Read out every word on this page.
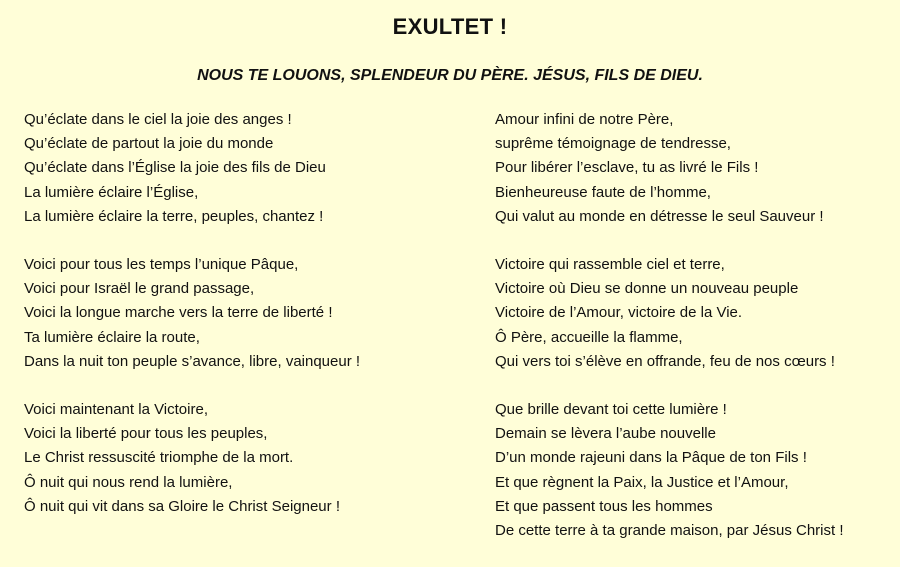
EXULTET !
NOUS TE LOUONS, SPLENDEUR DU PÈRE. JÉSUS, FILS DE DIEU.
Qu’éclate dans le ciel la joie des anges !
Qu’éclate de partout la joie du monde
Qu’éclate dans l’Église la joie des fils de Dieu
La lumière éclaire l’Église,
La lumière éclaire la terre, peuples, chantez !
Voici pour tous les temps l’unique Pâque,
Voici pour Israël le grand passage,
Voici la longue marche vers la terre de liberté !
Ta lumière éclaire la route,
Dans la nuit ton peuple s’avance, libre, vainqueur !
Voici maintenant la Victoire,
Voici la liberté pour tous les peuples,
Le Christ ressuscité triomphe de la mort.
Ô nuit qui nous rend la lumière,
Ô nuit qui vit dans sa Gloire le Christ Seigneur !
Amour infini de notre Père,
suprême témoignage de tendresse,
Pour libérer l’esclave, tu as livré le Fils !
Bienheureuse faute de l’homme,
Qui valut au monde en détresse le seul Sauveur !
Victoire qui rassemble ciel et terre,
Victoire où Dieu se donne un nouveau peuple
Victoire de l’Amour, victoire de la Vie.
Ô Père, accueille la flamme,
Qui vers toi s’élève en offrande, feu de nos cœurs !
Que brille devant toi cette lumière !
Demain se lèvera l’aube nouvelle
D’un monde rajeuni dans la Pâque de ton Fils !
Et que règnent la Paix, la Justice et l’Amour,
Et que passent tous les hommes
De cette terre à ta grande maison, par Jésus Christ !
